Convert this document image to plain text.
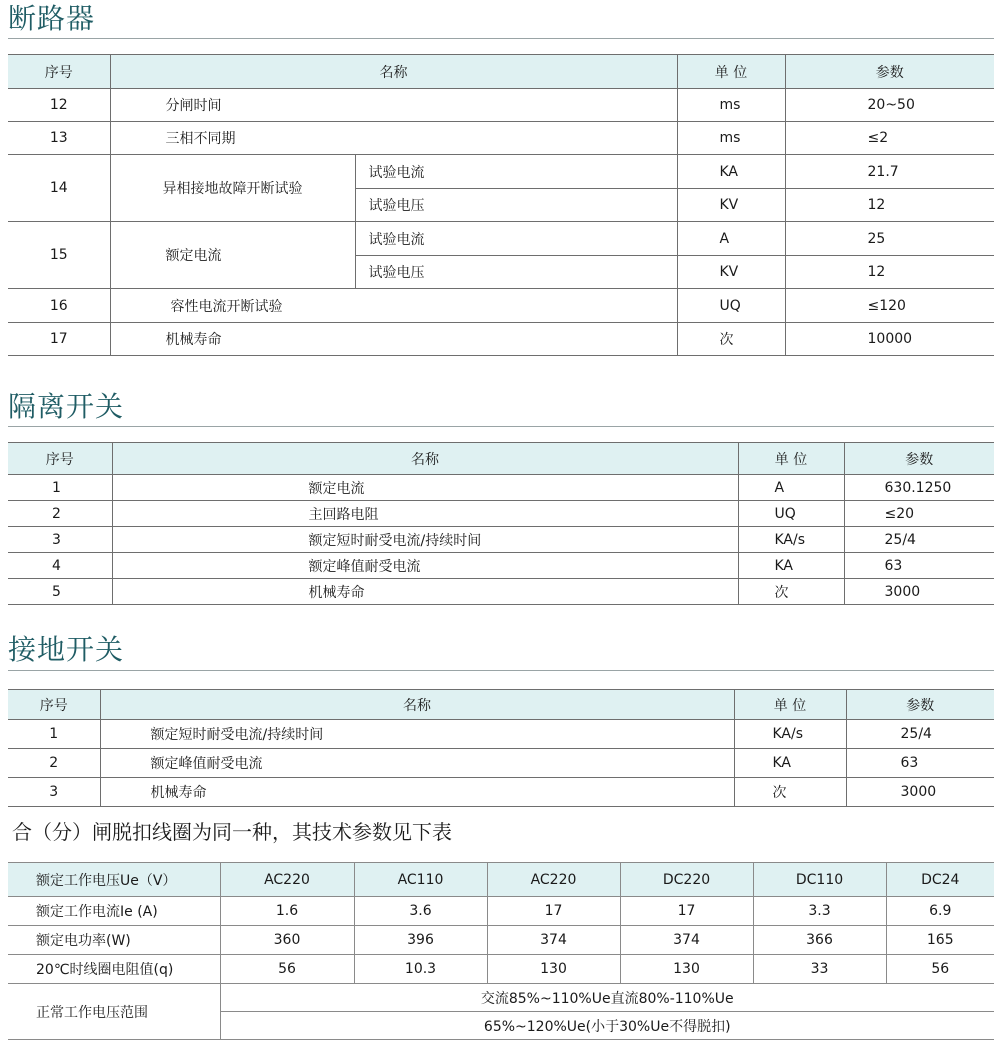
断路器
序号	名称		单 位	参数
12	分闸时间		ms	20~50
13	三相不同期		ms	≤2
14	异相接地故障开断试验	试验电流	KA	21.7
		试验电压	KV	12
15	额定电流	试验电流	A	25
		试验电压	KV	12
16	容性电流开断试验		UQ	≤120
17	机械寿命		次	10000
隔离开关
序号	名称	单 位	参数
1	额定电流	A	630.1250
2	主回路电阻	UQ	≤20
3	额定短时耐受电流/持续时间	KA/s	25/4
4	额定峰值耐受电流	KA	63
5	机械寿命	次	3000
接地开关
序号	名称	单 位	参数
1	额定短时耐受电流/持续时间	KA/s	25/4
2	额定峰值耐受电流	KA	63
3	机械寿命	次	3000

合（分）闸脱扣线圈为同一种，其技术参数见下表

额定工作电压Ue（V）	AC220	AC110	AC220	DC220	DC110	DC24
额定工作电流Ie (A)	1.6	3.6	17	17	3.3	6.9
额定电功率(W)	360	396	374	374	366	165
20℃时线圈电阻值(q)	56	10.3	130	130	33	56
正常工作电压范围	交流85%~110%Ue直流80%-110%Ue					
	65%~120%Ue(小于30%Ue不得脱扣)					
